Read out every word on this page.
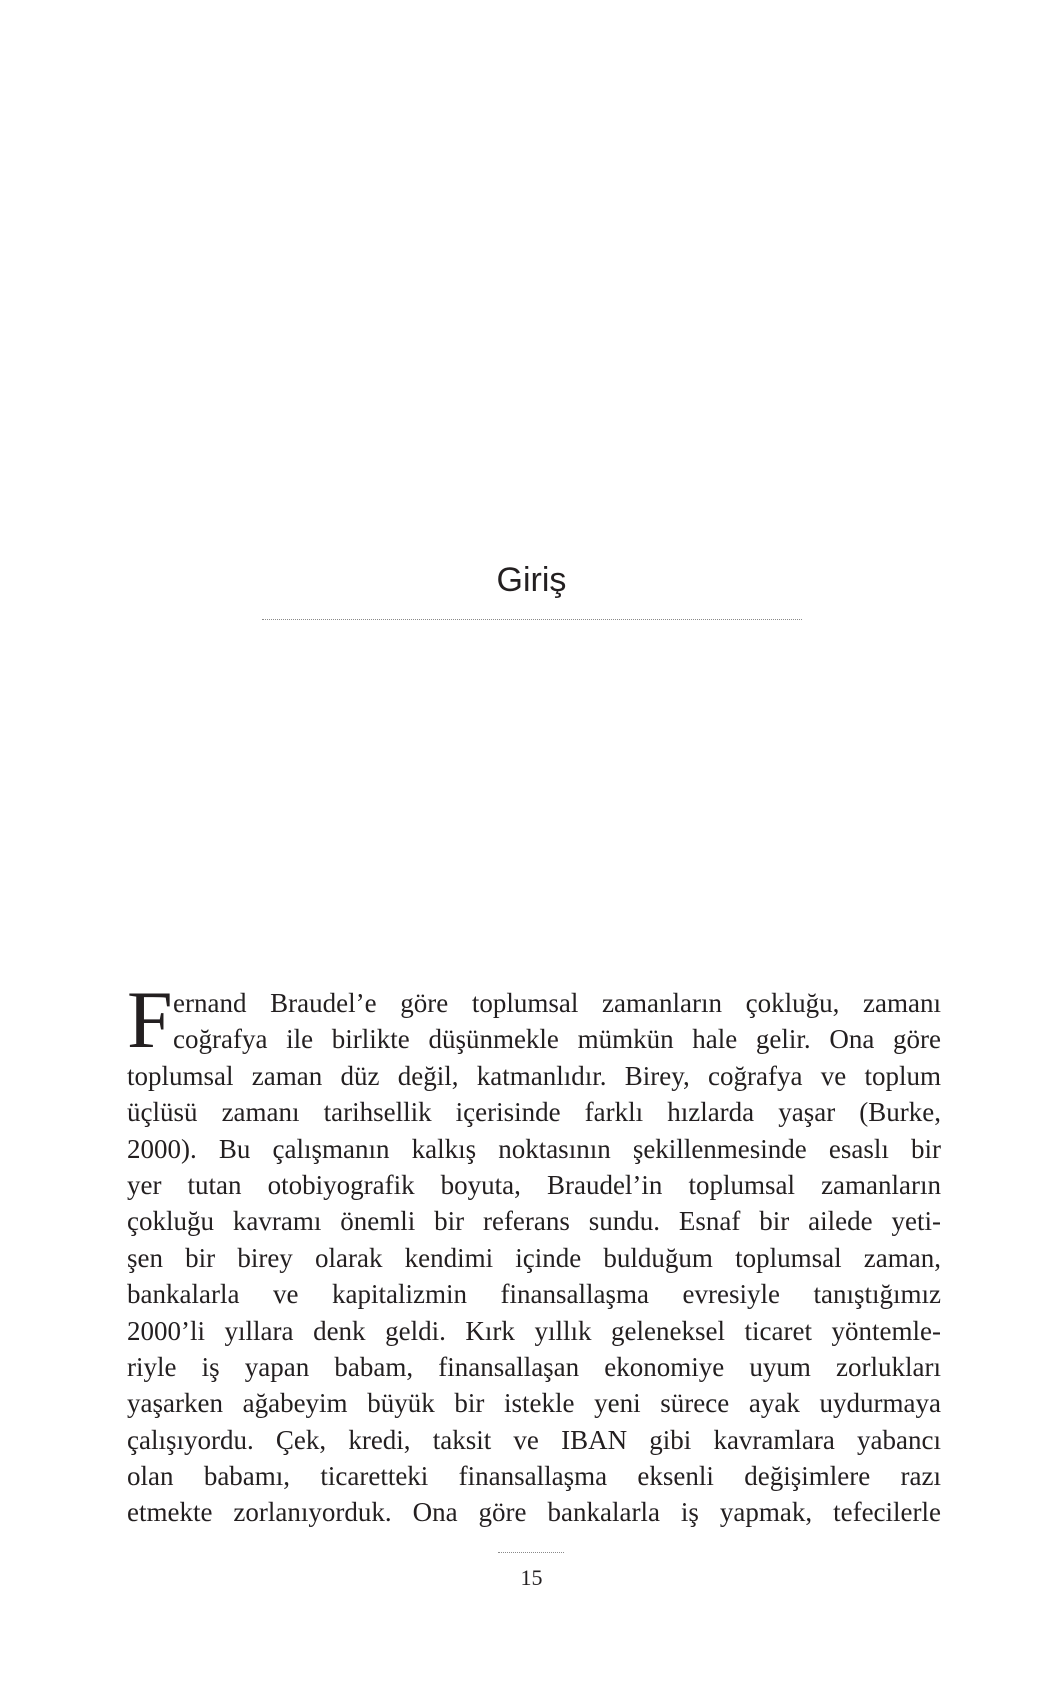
Giriş
F ernand Braudel’e göre toplumsal zamanların çokluğu, zamanı
coğrafya ile birlikte düşünmekle mümkün hale gelir. Ona göre
toplumsal zaman düz değil, katmanlıdır. Birey, coğrafya ve toplum
üçlüsü zamanı tarihsellik içerisinde farklı hızlarda yaşar (Burke,
2000). Bu çalışmanın kalkış noktasının şekillenmesinde esaslı bir
yer tutan otobiyografik boyuta, Braudel’in toplumsal zamanların
çokluğu kavramı önemli bir referans sundu. Esnaf bir ailede yeti-
şen bir birey olarak kendimi içinde bulduğum toplumsal zaman,
bankalarla ve kapitalizmin finansallaşma evresiyle tanıştığımız
2000’li yıllara denk geldi. Kırk yıllık geleneksel ticaret yöntemle-
riyle iş yapan babam, finansallaşan ekonomiye uyum zorlukları
yaşarken ağabeyim büyük bir istekle yeni sürece ayak uydurmaya
çalışıyordu. Çek, kredi, taksit ve IBAN gibi kavramlara yabancı
olan babamı, ticaretteki finansallaşma eksenli değişimlere razı
etmekte zorlanıyorduk. Ona göre bankalarla iş yapmak, tefecilerle
15
